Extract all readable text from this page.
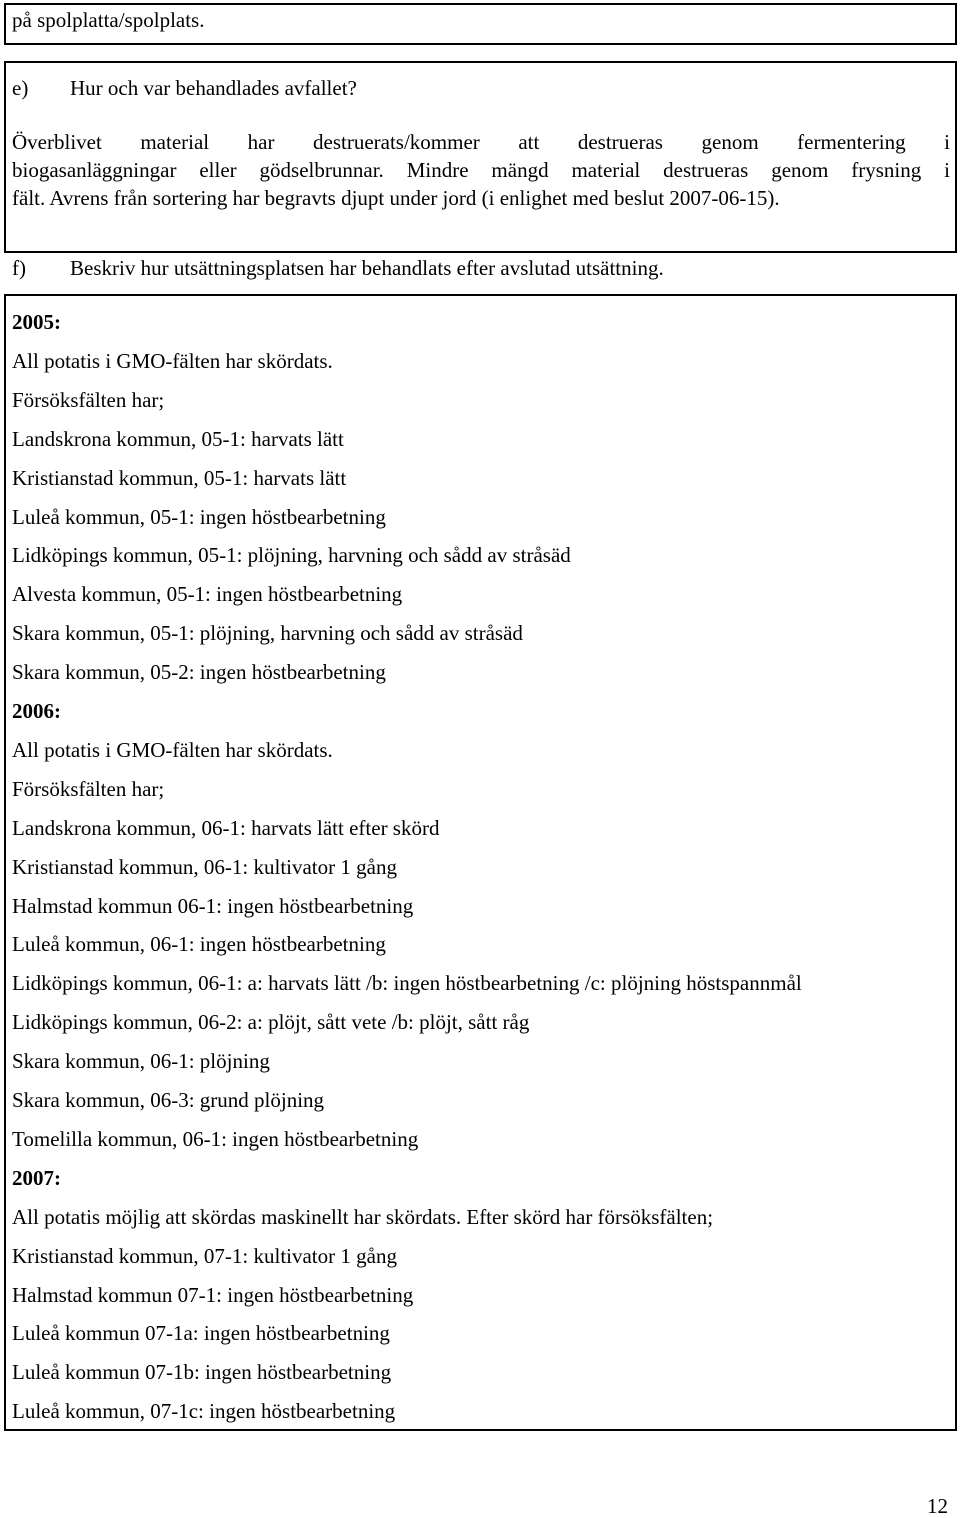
på spolplatta/spolplats.
e) Hur och var behandlades avfallet?
Överblivet material har destruerats/kommer att destrueras genom fermentering i
biogasanläggningar eller gödselbrunnar. Mindre mängd material destrueras genom frysning i
fält. Avrens från sortering har begravts djupt under jord (i enlighet med beslut 2007-06-15).
f) Beskriv hur utsättningsplatsen har behandlats efter avslutad utsättning.
2005:
All potatis i GMO-fälten har skördats.
Försöksfälten har;
Landskrona kommun, 05-1: harvats lätt
Kristianstad kommun, 05-1: harvats lätt
Luleå kommun, 05-1: ingen höstbearbetning
Lidköpings kommun, 05-1: plöjning, harvning och sådd av stråsäd
Alvesta kommun, 05-1: ingen höstbearbetning
Skara kommun, 05-1: plöjning, harvning och sådd av stråsäd
Skara kommun, 05-2: ingen höstbearbetning
2006:
All potatis i GMO-fälten har skördats.
Försöksfälten har;
Landskrona kommun, 06-1: harvats lätt efter skörd
Kristianstad kommun, 06-1: kultivator 1 gång
Halmstad kommun 06-1: ingen höstbearbetning
Luleå kommun, 06-1: ingen höstbearbetning
Lidköpings kommun, 06-1: a: harvats lätt /b: ingen höstbearbetning /c: plöjning höstspannmål
Lidköpings kommun, 06-2: a: plöjt, sått vete /b: plöjt, sått råg
Skara kommun, 06-1: plöjning
Skara kommun, 06-3: grund plöjning
Tomelilla kommun, 06-1: ingen höstbearbetning
2007:
All potatis möjlig att skördas maskinellt har skördats. Efter skörd har försöksfälten;
Kristianstad kommun, 07-1: kultivator 1 gång
Halmstad kommun 07-1: ingen höstbearbetning
Luleå kommun 07-1a: ingen höstbearbetning
Luleå kommun 07-1b: ingen höstbearbetning
Luleå kommun, 07-1c: ingen höstbearbetning
12
